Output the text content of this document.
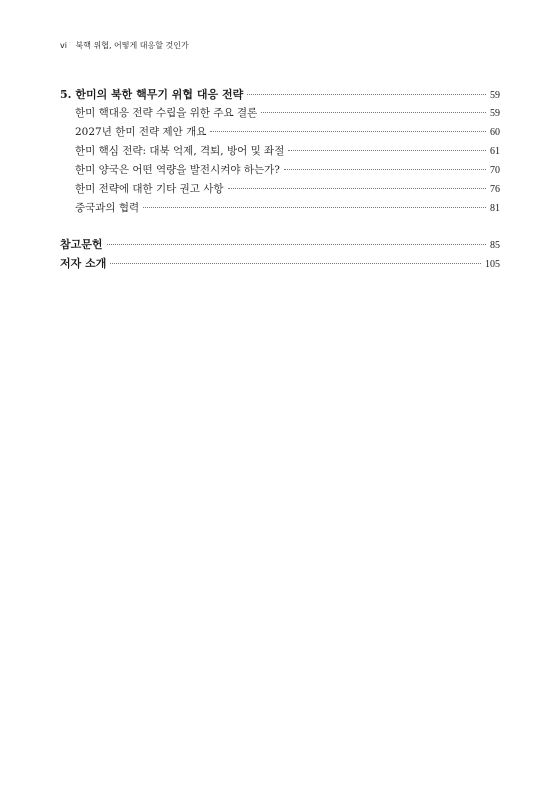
vi 북핵 위협, 어떻게 대응할 것인가
5. 한미의 북한 핵무기 위협 대응 전략	59
한미 핵대응 전략 수립을 위한 주요 결론	59
2027년 한미 전략 제안 개요	60
한미 핵심 전략: 대북 억제, 격퇴, 방어 및 좌절	61
한미 양국은 어떤 역량을 발전시켜야 하는가?	70
한미 전략에 대한 기타 권고 사항	76
중국과의 협력	81
참고문헌	85
저자 소개	105
